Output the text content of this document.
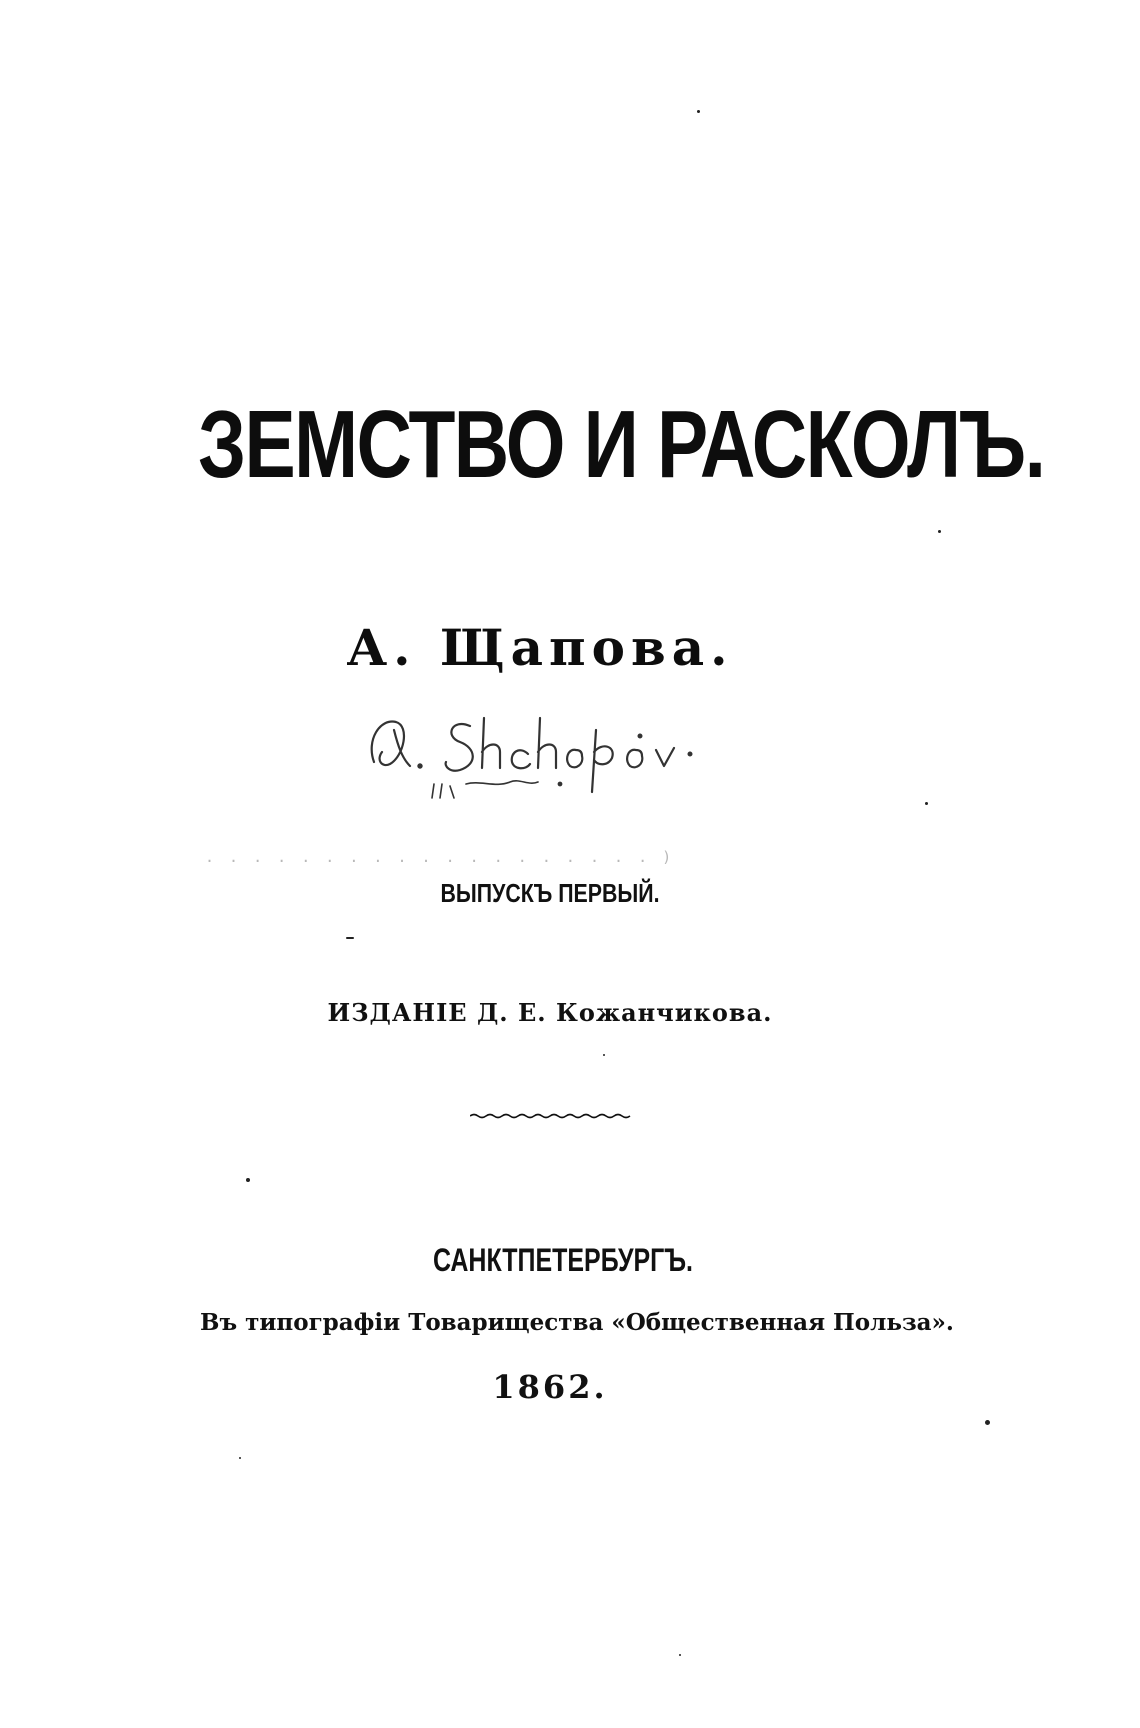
ЗЕМСТВО И РАСКОЛЪ.
А. Щапова.
. . . . . . . . . . . . . . . . . . . )
ВЫПУСКЪ ПЕРВЫЙ.
ИЗДАНІЕ Д. Е. Кожанчикова.
САНКТПЕТЕРБУРГЪ.
Въ типографіи Товарищества «Общественная Польза».
1862.
